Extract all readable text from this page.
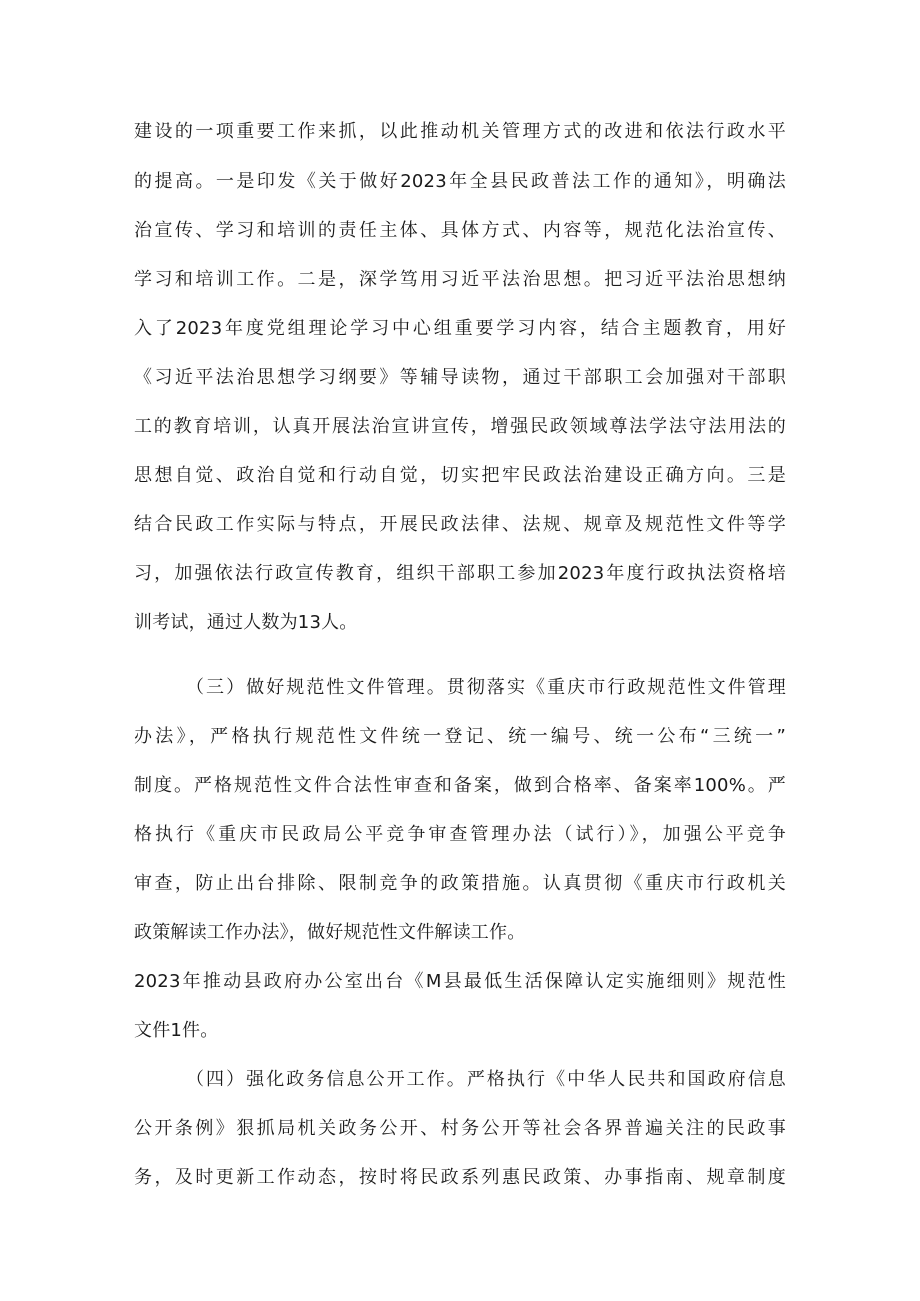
建设的一项重要工作来抓，以此推动机关管理方式的改进和依法行政水平
的提高。一是印发《关于做好2023年全县民政普法工作的通知》，明确法
治宣传、学习和培训的责任主体、具体方式、内容等，规范化法治宣传、
学习和培训工作。二是，深学笃用习近平法治思想。把习近平法治思想纳
入了2023年度党组理论学习中心组重要学习内容，结合主题教育，用好
《习近平法治思想学习纲要》等辅导读物，通过干部职工会加强对干部职
工的教育培训，认真开展法治宣讲宣传，增强民政领域尊法学法守法用法的
思想自觉、政治自觉和行动自觉，切实把牢民政法治建设正确方向。三是
结合民政工作实际与特点，开展民政法律、法规、规章及规范性文件等学
习，加强依法行政宣传教育，组织干部职工参加2023年度行政执法资格培
训考试，通过人数为13人。
（三）做好规范性文件管理。贯彻落实《重庆市行政规范性文件管理
办法》，严格执行规范性文件统一登记、统一编号、统一公布“三统一”
制度。严格规范性文件合法性审查和备案，做到合格率、备案率100%。严
格执行《重庆市民政局公平竞争审查管理办法（试行）》，加强公平竞争
审查，防止出台排除、限制竞争的政策措施。认真贯彻《重庆市行政机关
政策解读工作办法》，做好规范性文件解读工作。
2023年推动县政府办公室出台《M县最低生活保障认定实施细则》规范性
文件1件。
（四）强化政务信息公开工作。严格执行《中华人民共和国政府信息
公开条例》狠抓局机关政务公开、村务公开等社会各界普遍关注的民政事
务，及时更新工作动态，按时将民政系列惠民政策、办事指南、规章制度
